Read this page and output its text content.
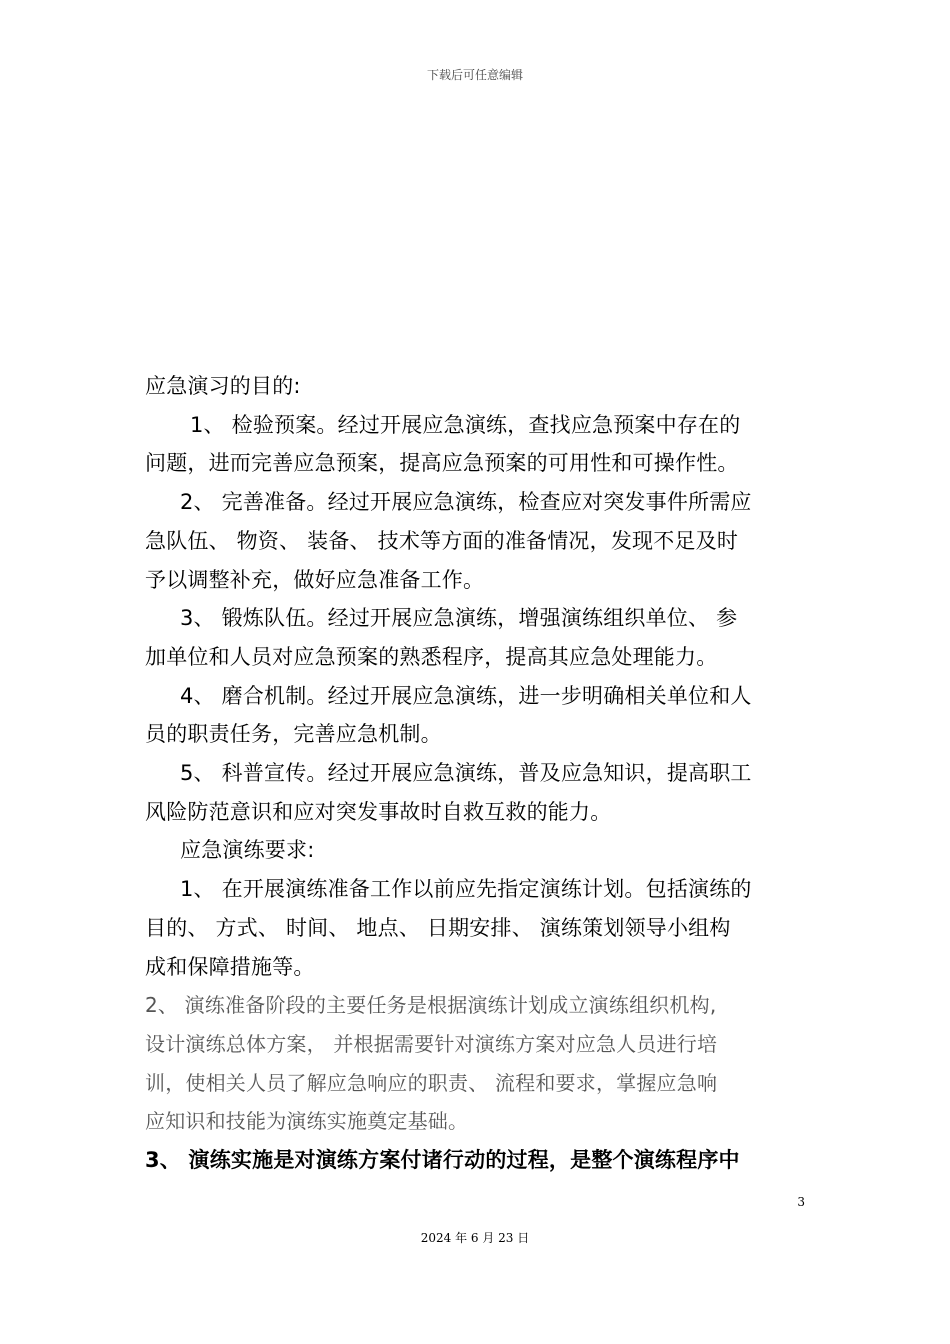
下载后可任意编辑
应急演习的目的:
1、 检验预案。经过开展应急演练，查找应急预案中存在的
问题，进而完善应急预案，提高应急预案的可用性和可操作性。
2、 完善准备。经过开展应急演练，检查应对突发事件所需应
急队伍、 物资、 装备、 技术等方面的准备情况，发现不足及时
予以调整补充，做好应急准备工作。
3、 锻炼队伍。经过开展应急演练，增强演练组织单位、 参
加单位和人员对应急预案的熟悉程序，提高其应急处理能力。
4、 磨合机制。经过开展应急演练，进一步明确相关单位和人
员的职责任务，完善应急机制。
5、 科普宣传。经过开展应急演练，普及应急知识，提高职工
风险防范意识和应对突发事故时自救互救的能力。
应急演练要求:
1、 在开展演练准备工作以前应先指定演练计划。包括演练的
目的、 方式、 时间、 地点、 日期安排、 演练策划领导小组构
成和保障措施等。
2、 演练准备阶段的主要任务是根据演练计划成立演练组织机构,
设计演练总体方案， 并根据需要针对演练方案对应急人员进行培
训，使相关人员了解应急响应的职责、 流程和要求，掌握应急响
应知识和技能为演练实施奠定基础。
3、 演练实施是对演练方案付诸行动的过程，是整个演练程序中
3
2024 年 6 月 23 日
